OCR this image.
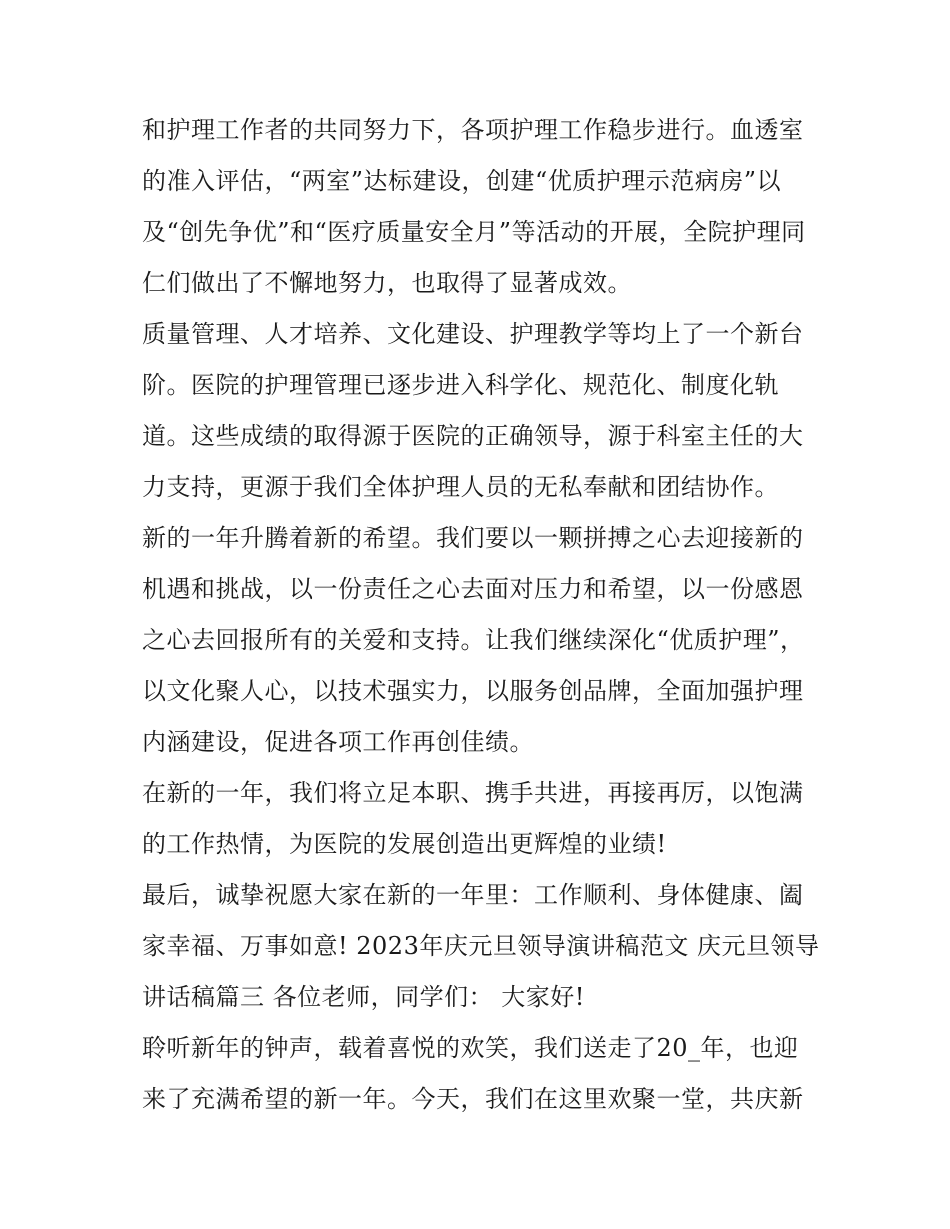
和护理工作者的共同努力下，各项护理工作稳步进行。血透室
的准入评估，“两室”达标建设，创建“优质护理示范病房”以
及“创先争优”和“医疗质量安全月”等活动的开展，全院护理同
仁们做出了不懈地努力，也取得了显著成效。
质量管理、人才培养、文化建设、护理教学等均上了一个新台
阶。医院的护理管理已逐步进入科学化、规范化、制度化轨
道。这些成绩的取得源于医院的正确领导，源于科室主任的大
力支持，更源于我们全体护理人员的无私奉献和团结协作。
新的一年升腾着新的希望。我们要以一颗拼搏之心去迎接新的
机遇和挑战，以一份责任之心去面对压力和希望，以一份感恩
之心去回报所有的关爱和支持。让我们继续深化“优质护理”，
以文化聚人心，以技术强实力，以服务创品牌，全面加强护理
内涵建设，促进各项工作再创佳绩。
在新的一年，我们将立足本职、携手共进，再接再厉，以饱满
的工作热情，为医院的发展创造出更辉煌的业绩!
最后，诚挚祝愿大家在新的一年里：工作顺利、身体健康、阖
家幸福、万事如意! 2023年庆元旦领导演讲稿范文 庆元旦领导
讲话稿篇三 各位老师，同学们： 大家好!
聆听新年的钟声，载着喜悦的欢笑，我们送走了20_年，也迎
来了充满希望的新一年。今天，我们在这里欢聚一堂，共庆新
